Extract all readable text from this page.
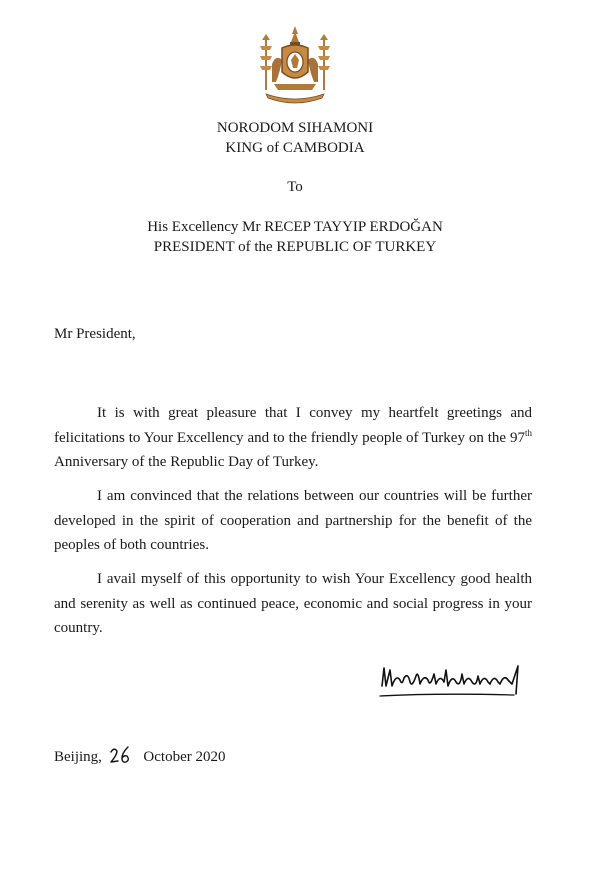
NORODOM SIHAMONI
KING of CAMBODIA
To
His Excellency Mr RECEP TAYYIP ERDOĞAN
PRESIDENT of the REPUBLIC OF TURKEY
Mr President,

It is with great pleasure that I convey my heartfelt greetings and felicitations to Your Excellency and to the friendly people of Turkey on the 97th Anniversary of the Republic Day of Turkey.

I am convinced that the relations between our countries will be further developed in the spirit of cooperation and partnership for the benefit of the peoples of both countries.

I avail myself of this opportunity to wish Your Excellency good health and serenity as well as continued peace, economic and social progress in your country.

Beijing,	October 2020
